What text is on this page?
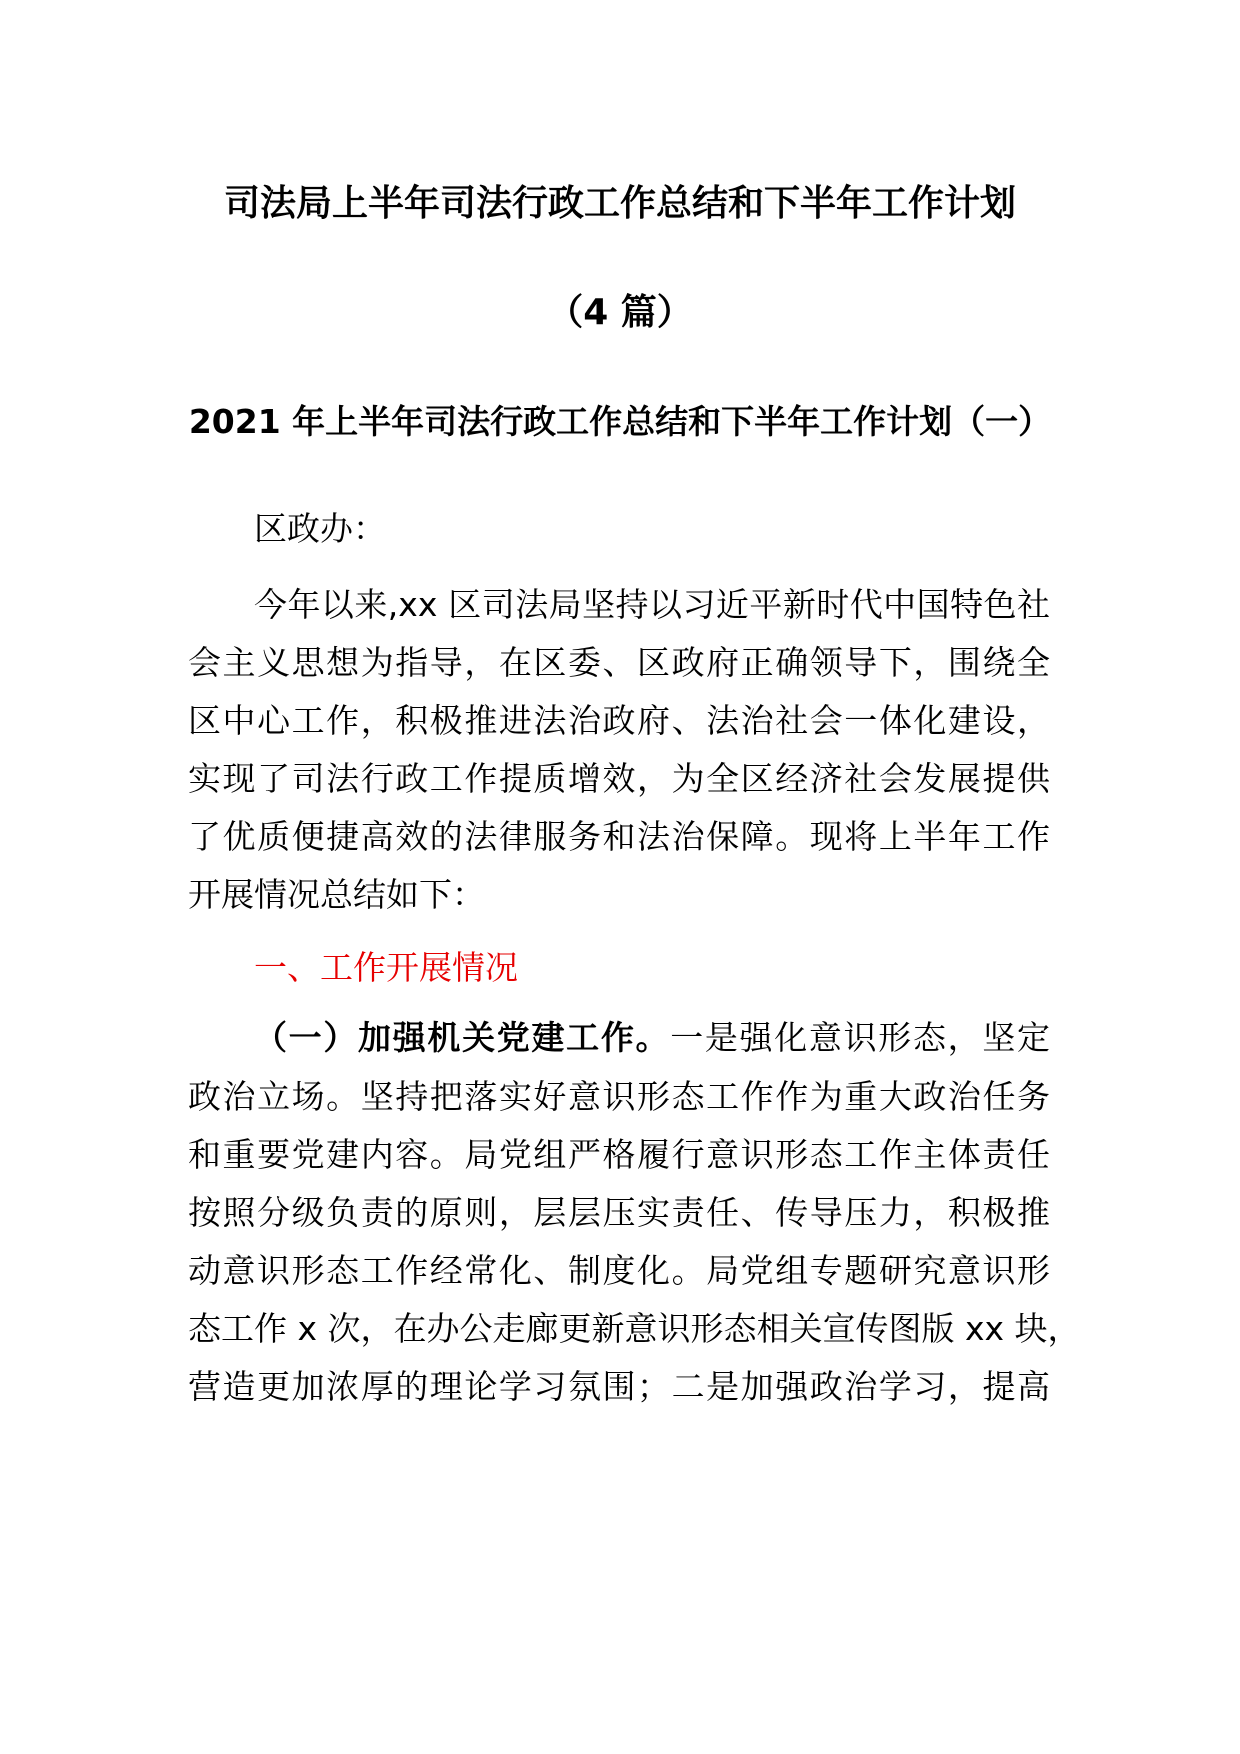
司法局上半年司法行政工作总结和下半年工作计划
（4 篇）
2021 年上半年司法行政工作总结和下半年工作计划（一）
区政办：
今年以来,xx 区司法局坚持以习近平新时代中国特色社
会主义思想为指导，在区委、区政府正确领导下，围绕全
区中心工作，积极推进法治政府、法治社会一体化建设，
实现了司法行政工作提质增效，为全区经济社会发展提供
了优质便捷高效的法律服务和法治保障。现将上半年工作
开展情况总结如下：
一、工作开展情况
（一）加强机关党建工作。一是强化意识形态，坚定
政治立场。坚持把落实好意识形态工作作为重大政治任务
和重要党建内容。局党组严格履行意识形态工作主体责任
按照分级负责的原则，层层压实责任、传导压力，积极推
动意识形态工作经常化、制度化。局党组专题研究意识形
态工作 x 次，在办公走廊更新意识形态相关宣传图版 xx 块，
营造更加浓厚的理论学习氛围；二是加强政治学习，提高
